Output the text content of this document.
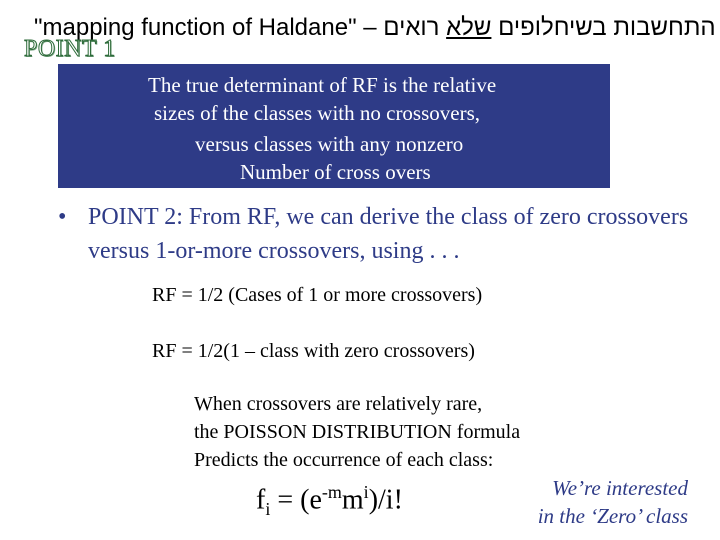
"mapping function of Haldane" –	התחשבות בשיחלופים שלא רואים
POINT 1
The true determinant of RF is the relative
sizes of the classes with no crossovers,
versus classes with any nonzero
Number of cross overs
• POINT 2: From RF, we can derive the class of zero crossovers versus 1-or-more crossovers, using . . .
RF = 1/2 (Cases of 1 or more crossovers)
RF = 1/2(1 – class with zero crossovers)
When crossovers are relatively rare,
the POISSON DISTRIBUTION formula
Predicts the occurrence of each class:
$f_i = (e^{-m}m^i)/i$!	We’re interested
in the ‘Zero’ class
